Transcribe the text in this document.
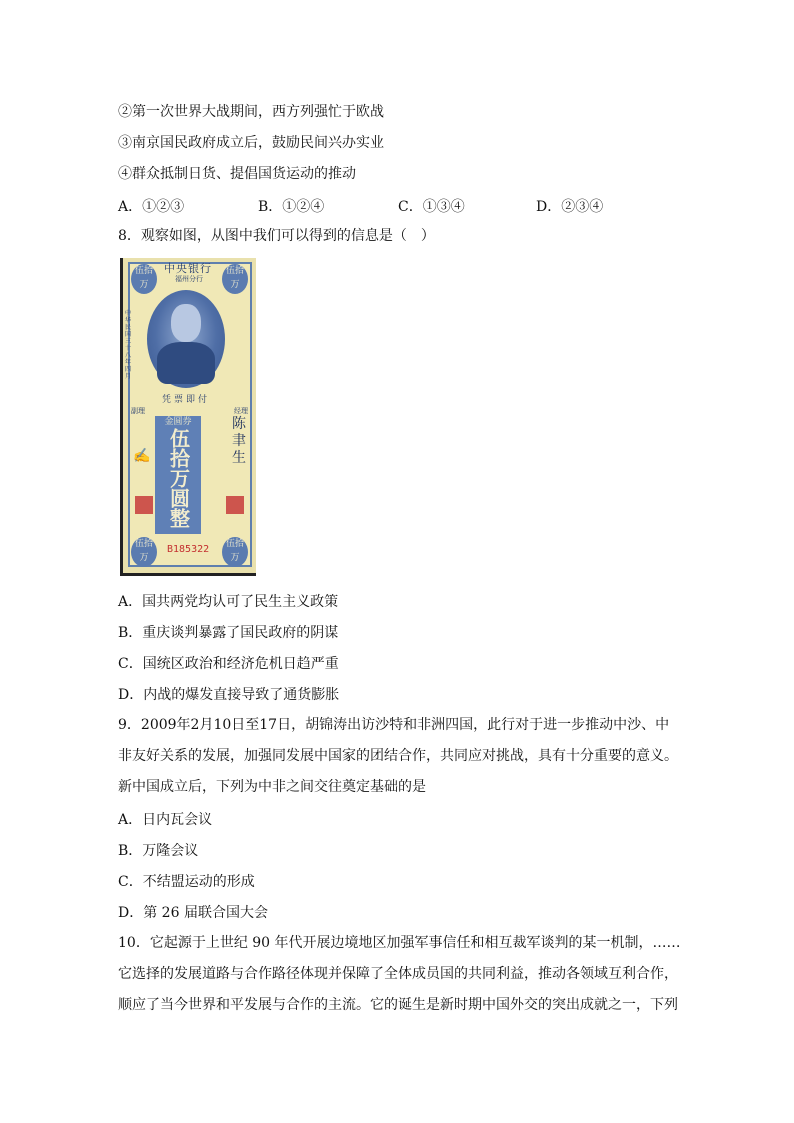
②第一次世界大战期间，西方列强忙于欧战
③南京国民政府成立后，鼓励民间兴办实业
④群众抵制日货、提倡国货运动的推动
A．①②③	B．①②④	C．①③④	D．②③④
8．观察如图，从图中我们可以得到的信息是（　）
伍拾万
伍拾万
中央银行
福州分行
中华民国三十八年四月
凭票即付
副理	经理
金圆券
伍拾万圆整
陈聿生
✍
伍拾万
伍拾万
B185322
A．国共两党均认可了民生主义政策
B．重庆谈判暴露了国民政府的阴谋
C．国统区政治和经济危机日趋严重
D．内战的爆发直接导致了通货膨胀
9．2009年2月10日至17日，胡锦涛出访沙特和非洲四国，此行对于进一步推动中沙、中
非友好关系的发展，加强同发展中国家的团结合作，共同应对挑战，具有十分重要的意义。
新中国成立后，下列为中非之间交往奠定基础的是
A．日内瓦会议
B．万隆会议
C．不结盟运动的形成
D．第 26 届联合国大会
10．它起源于上世纪 90 年代开展边境地区加强军事信任和相互裁军谈判的某一机制，……
它选择的发展道路与合作路径体现并保障了全体成员国的共同利益，推动各领域互利合作，
顺应了当今世界和平发展与合作的主流。它的诞生是新时期中国外交的突出成就之一，下列
